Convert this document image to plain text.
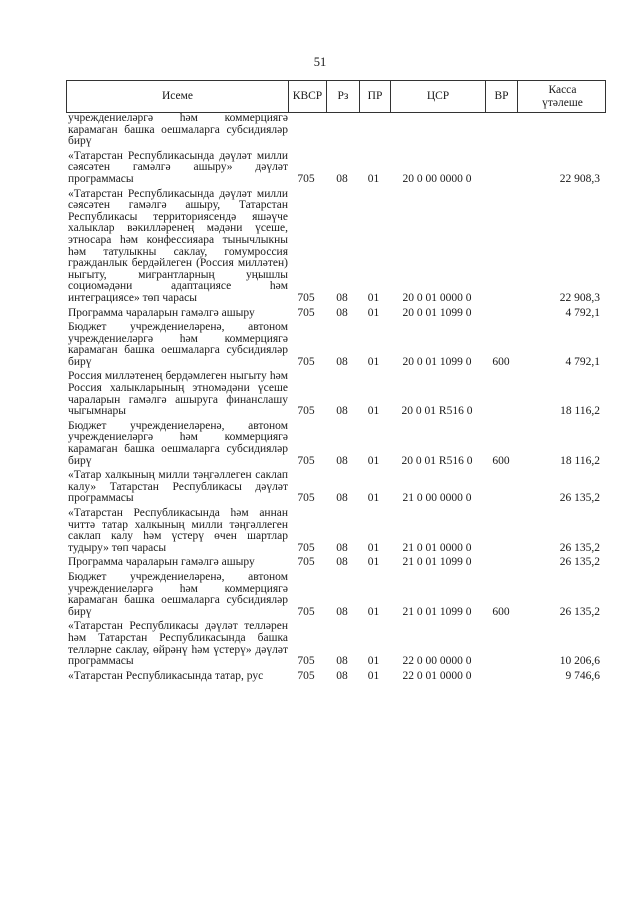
51
Исеме	КВСР	Рз	ПР	ЦСР	ВР
Касса
үтәлеше
учреждениеләргә һәм коммерциягә карамаган башка оешмаларга субсидияләр бирү
«Татарстан Республикасында дәүләт милли сәясәтен гамәлгә ашыру» дәүләт программасы	705	08	01	20 0 00 0000 0	22 908,3
«Татарстан Республикасында дәүләт милли сәясәтен гамәлгә ашыру, Татарстан Республикасы территориясендә яшәүче халыклар вәкилләренең мәдәни үсеше, этносара һәм конфессияара тынычлыкны һәм татулыкны саклау, гомумроссия гражданлык бердәйлеген (Россия милләтен) ныгыту, мигрантларның уңышлы социомәдәни адаптациясе һәм интеграциясе» төп чарасы	705	08	01	20 0 01 0000 0	22 908,3
Программа чараларын гамәлгә ашыру	705	08	01	20 0 01 1099 0	4 792,1
Бюджет учреждениеләренә, автоном учреждениеләргә һәм коммерциягә карамаган башка оешмаларга субсидияләр бирү	705	08	01	20 0 01 1099 0	600	4 792,1
Россия милләтенең бердәмлеген ныгыту һәм Россия халыкларының этномәдәни үсеше чараларын гамәлгә ашыруга финанслашу чыгымнары	705	08	01	20 0 01 R516 0	18 116,2
Бюджет учреждениеләренә, автоном учреждениеләргә һәм коммерциягә карамаган башка оешмаларга субсидияләр бирү	705	08	01	20 0 01 R516 0	600	18 116,2
«Татар халкының милли тәңгәллеген саклап калу» Татарстан Республикасы дәүләт программасы	705	08	01	21 0 00 0000 0	26 135,2
«Татарстан Республикасында һәм аннан читтә татар халкының милли тәңгәллеген саклап калу һәм үстерү өчен шартлар тудыру» төп чарасы	705	08	01	21 0 01 0000 0	26 135,2
Программа чараларын гамәлгә ашыру	705	08	01	21 0 01 1099 0	26 135,2
Бюджет учреждениеләренә, автоном учреждениеләргә һәм коммерциягә карамаган башка оешмаларга субсидияләр бирү	705	08	01	21 0 01 1099 0	600	26 135,2
«Татарстан Республикасы дәүләт телләрен һәм Татарстан Республикасында башка телләрне саклау, өйрәнү һәм үстерү» дәүләт программасы	705	08	01	22 0 00 0000 0	10 206,6
«Татарстан Республикасында татар, рус	705	08	01	22 0 01 0000 0	9 746,6
